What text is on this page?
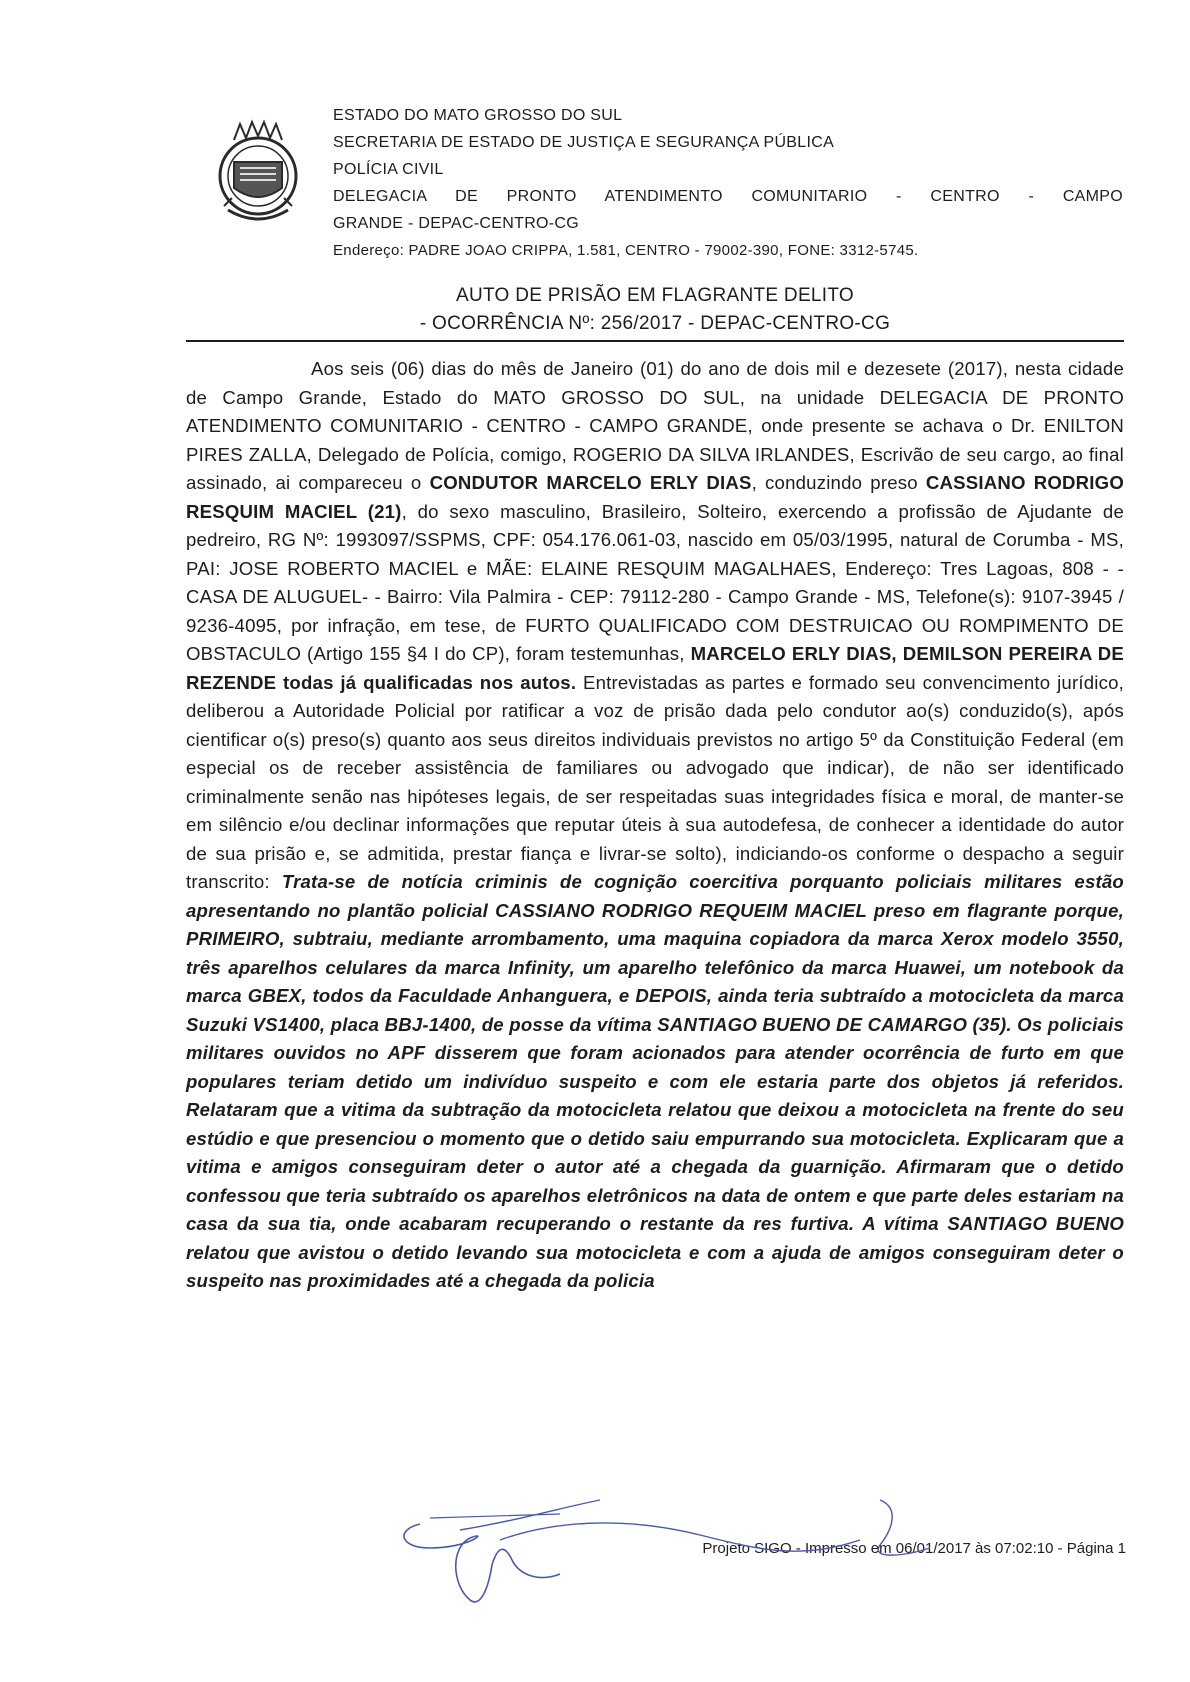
ESTADO DO MATO GROSSO DO SUL
SECRETARIA DE ESTADO DE JUSTIÇA E SEGURANÇA PÚBLICA
POLÍCIA CIVIL
DELEGACIA DE PRONTO ATENDIMENTO COMUNITARIO - CENTRO - CAMPO
GRANDE - DEPAC-CENTRO-CG
Endereço: PADRE JOAO CRIPPA, 1.581, CENTRO - 79002-390, FONE: 3312-5745.
AUTO DE PRISÃO EM FLAGRANTE DELITO
- OCORRÊNCIA Nº: 256/2017 - DEPAC-CENTRO-CG

Aos seis (06) dias do mês de Janeiro (01) do ano de dois mil e dezesete (2017), nesta cidade de Campo Grande, Estado do MATO GROSSO DO SUL, na unidade DELEGACIA DE PRONTO ATENDIMENTO COMUNITARIO - CENTRO - CAMPO GRANDE, onde presente se achava o Dr. ENILTON PIRES ZALLA, Delegado de Polícia, comigo, ROGERIO DA SILVA IRLANDES, Escrivão de seu cargo, ao final assinado, ai compareceu o CONDUTOR MARCELO ERLY DIAS, conduzindo preso CASSIANO RODRIGO RESQUIM MACIEL (21), do sexo masculino, Brasileiro, Solteiro, exercendo a profissão de Ajudante de pedreiro, RG Nº: 1993097/SSPMS, CPF: 054.176.061-03, nascido em 05/03/1995, natural de Corumba - MS, PAI: JOSE ROBERTO MACIEL e MÃE: ELAINE RESQUIM MAGALHAES, Endereço: Tres Lagoas, 808 - -CASA DE ALUGUEL- - Bairro: Vila Palmira - CEP: 79112-280 - Campo Grande - MS, Telefone(s): 9107-3945 / 9236-4095, por infração, em tese, de FURTO QUALIFICADO COM DESTRUICAO OU ROMPIMENTO DE OBSTACULO (Artigo 155 §4 I do CP), foram testemunhas, MARCELO ERLY DIAS, DEMILSON PEREIRA DE REZENDE todas já qualificadas nos autos. Entrevistadas as partes e formado seu convencimento jurídico, deliberou a Autoridade Policial por ratificar a voz de prisão dada pelo condutor ao(s) conduzido(s), após cientificar o(s) preso(s) quanto aos seus direitos individuais previstos no artigo 5º da Constituição Federal (em especial os de receber assistência de familiares ou advogado que indicar), de não ser identificado criminalmente senão nas hipóteses legais, de ser respeitadas suas integridades física e moral, de manter-se em silêncio e/ou declinar informações que reputar úteis à sua autodefesa, de conhecer a identidade do autor de sua prisão e, se admitida, prestar fiança e livrar-se solto), indiciando-os conforme o despacho a seguir transcrito: Trata-se de notícia criminis de cognição coercitiva porquanto policiais militares estão apresentando no plantão policial CASSIANO RODRIGO REQUEIM MACIEL preso em flagrante porque, PRIMEIRO, subtraiu, mediante arrombamento, uma maquina copiadora da marca Xerox modelo 3550, três aparelhos celulares da marca Infinity, um aparelho telefônico da marca Huawei, um notebook da marca GBEX, todos da Faculdade Anhanguera, e DEPOIS, ainda teria subtraído a motocicleta da marca Suzuki VS1400, placa BBJ-1400, de posse da vítima SANTIAGO BUENO DE CAMARGO (35). Os policiais militares ouvidos no APF disserem que foram acionados para atender ocorrência de furto em que populares teriam detido um indivíduo suspeito e com ele estaria parte dos objetos já referidos. Relataram que a vitima da subtração da motocicleta relatou que deixou a motocicleta na frente do seu estúdio e que presenciou o momento que o detido saiu empurrando sua motocicleta. Explicaram que a vitima e amigos conseguiram deter o autor até a chegada da guarnição. Afirmaram que o detido confessou que teria subtraído os aparelhos eletrônicos na data de ontem e que parte deles estariam na casa da sua tia, onde acabaram recuperando o restante da res furtiva. A vítima SANTIAGO BUENO relatou que avistou o detido levando sua motocicleta e com a ajuda de amigos conseguiram deter o suspeito nas proximidades até a chegada da policia

Projeto SIGO - Impresso em 06/01/2017 às 07:02:10 - Página 1
